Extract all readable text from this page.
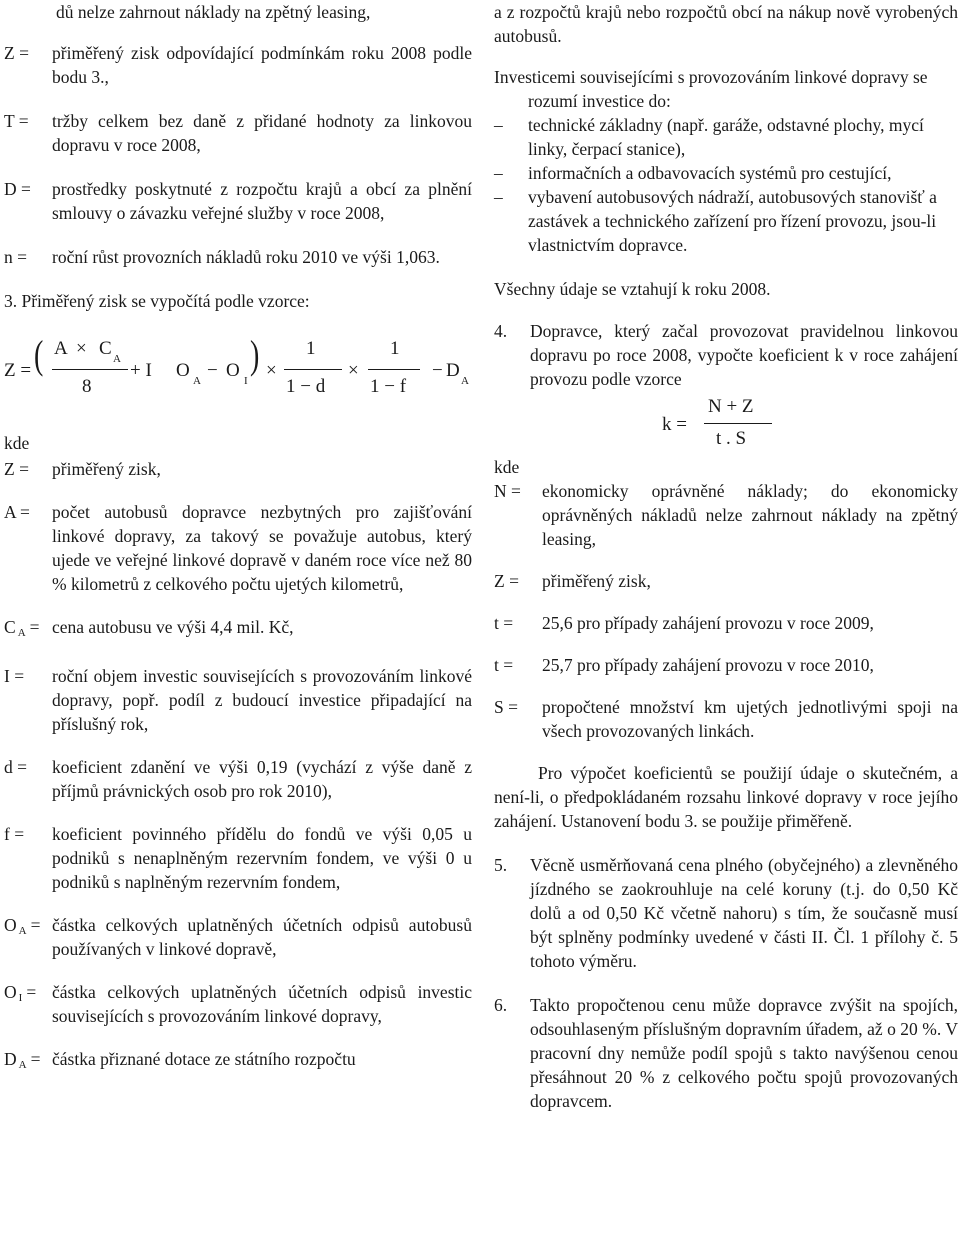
dů nelze zahrnout náklady na zpětný leasing,
Z =	přiměřený zisk odpovídající podmínkám roku 2008 podle bodu 3.,
T =	tržby celkem bez daně z přidané hodnoty za linkovou dopravu v roce 2008,
D =	prostředky poskytnuté z rozpočtu krajů a obcí za plnění smlouvy o závazku veřejné služby v roce 2008,
n =	roční růst provozních nákladů roku 2010 ve výši 1,063.
3. Přiměřený zisk se vypočítá podle vzorce:
Z = ( A × C A
8
+ I O A − O I
) ×
1
1 − d
×
1
1 − f
− D A
kde
Z =	přiměřený zisk,
A =	počet autobusů dopravce nezbytných pro zajišťování linkové dopravy, za takový se považuje autobus, který ujede ve veřejné linkové dopravě v daném roce více než 80 % kilometrů z celkového počtu ujetých kilometrů,
C $_A$ = cena autobusu ve výši 4,4 mil. Kč,
I =	roční objem investic souvisejících s provozováním linkové dopravy, popř. podíl z budoucí investice připadající na příslušný rok,
d =	koeficient zdanění ve výši 0,19 (vychází z výše daně z příjmů právnických osob pro rok 2010),
f =	koeficient povinného přídělu do fondů ve výši 0,05 u podniků s nenaplněným rezervním fondem, ve výši 0 u podniků s naplněným rezervním fondem,
O $_A$ = částka celkových uplatněných účetních odpisů autobusů používaných v linkové dopravě,
O $_I$ = částka celkových uplatněných účetních odpisů investic souvisejících s provozováním linkové dopravy,
D $_A$ = částka přiznané dotace ze státního rozpočtu

a z rozpočtů krajů nebo rozpočtů obcí na nákup nově vyrobených autobusů.

Investicemi souvisejícími s provozováním linkové dopravy se rozumí investice do:
–	technické základny (např. garáže, odstavné plochy, mycí linky, čerpací stanice),
–	informačních a odbavovacích systémů pro cestující,
–	vybavení autobusových nádraží, autobusových stanovišť a zastávek a technického zařízení pro řízení provozu, jsou-li vlastnictvím dopravce.

Všechny údaje se vztahují k roku 2008.

4.	Dopravce, který začal provozovat pravidelnou linkovou dopravu po roce 2008, vypočte koeficient k v roce zahájení provozu podle vzorce
k =
N + Z
t . S
kde
N =	ekonomicky oprávněné náklady; do ekonomicky oprávněných nákladů nelze zahrnout náklady na zpětný leasing,
Z =	přiměřený zisk,
t =	25,6 pro případy zahájení provozu v roce 2009,
t =	25,7 pro případy zahájení provozu v roce 2010,
S =	propočtené množství km ujetých jednotlivými spoji na všech provozovaných linkách.

Pro výpočet koeficientů se použijí údaje o skutečném, a není-li, o předpokládaném rozsahu linkové dopravy v roce jejího zahájení. Ustanovení bodu 3. se použije přiměřeně.

5.	Věcně usměrňovaná cena plného (obyčejného) a zlevněného jízdného se zaokrouhluje na celé koruny (t.j. do 0,50 Kč dolů a od 0,50 Kč včetně nahoru) s tím, že současně musí být splněny podmínky uvedené v části II. Čl. 1 přílohy č. 5 tohoto výměru.
6.	Takto propočtenou cenu může dopravce zvýšit na spojích, odsouhlaseným příslušným dopravním úřadem, až o 20 %. V pracovní dny nemůže podíl spojů s takto navýšenou cenou přesáhnout 20 % z celkového počtu spojů provozovaných dopravcem.
